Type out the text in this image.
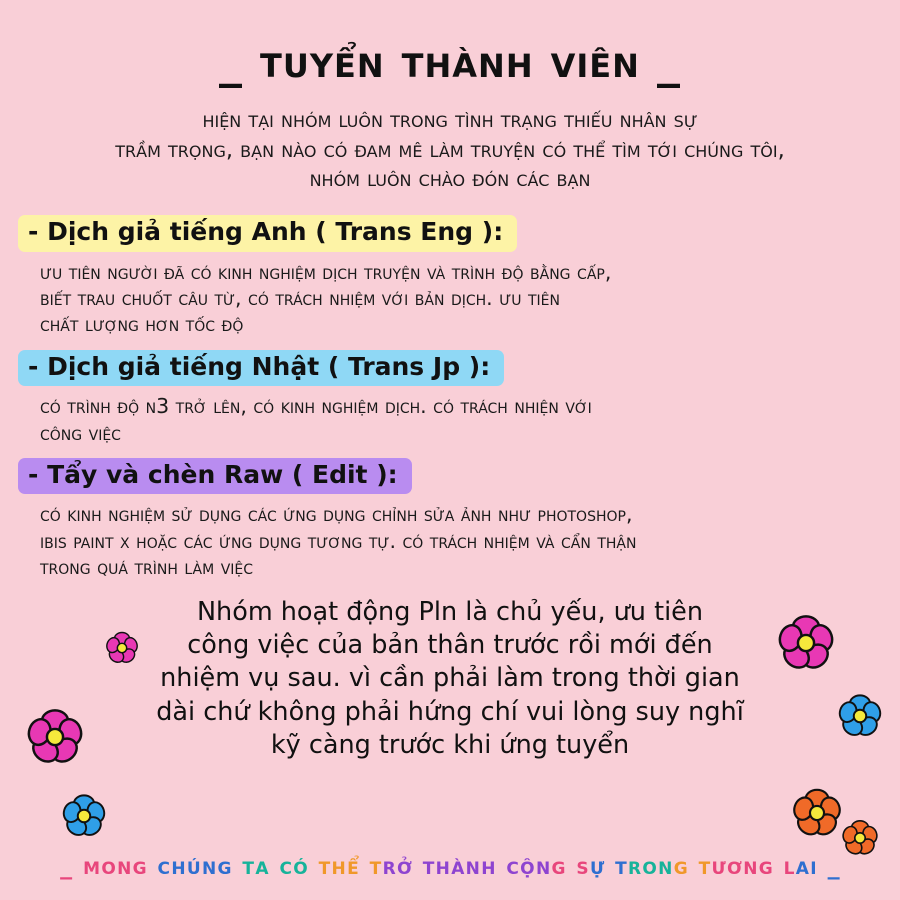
_ tuyển thành viên _
hiện tại nhóm luôn trong tình trạng thiếu nhân sự
trầm trọng, bạn nào có đam mê làm truyện có thể tìm tới chúng tôi,
nhóm luôn chào đón các bạn
- Dịch giả tiếng Anh ( Trans Eng ):
ưu tiên người đã có kinh nghiệm dịch truyện và trình độ bằng cấp,
biết trau chuốt câu từ, có trách nhiệm với bản dịch. ưu tiên
chất lượng hơn tốc độ
- Dịch giả tiếng Nhật ( Trans Jp ):
có trình độ n3 trở lên, có kinh nghiệm dịch. có trách nhiện với
công việc
- Tẩy và chèn Raw ( Edit ):
có kinh nghiệm sử dụng các ứng dụng chỉnh sửa ảnh như photoshop,
ibis paint x hoặc các ứng dụng tương tự. có trách nhiệm và cẩn thận
trong quá trình làm việc
Nhóm hoạt động Pln là chủ yếu, ưu tiên
công việc của bản thân trước rồi mới đến
nhiệm vụ sau. vì cần phải làm trong thời gian
dài chứ không phải hứng chí vui lòng suy nghĩ
kỹ càng trước khi ứng tuyển
_ mong chúng ta có thể trở thành cộng sự trong tương lai _
